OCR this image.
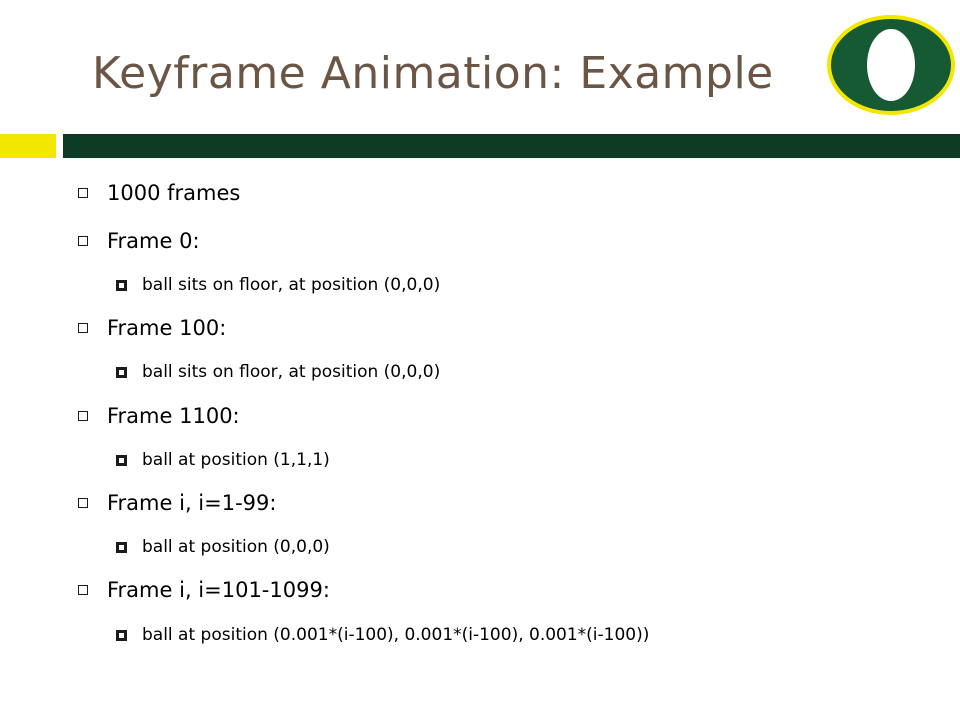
Keyframe Animation: Example
1000 frames
Frame 0:
ball sits on floor, at position (0,0,0)
Frame 100:
ball sits on floor, at position (0,0,0)
Frame 1100:
ball at position (1,1,1)
Frame i, i=1-99:
ball at position (0,0,0)
Frame i, i=101-1099:
ball at position (0.001*(i-100), 0.001*(i-100), 0.001*(i-100))
